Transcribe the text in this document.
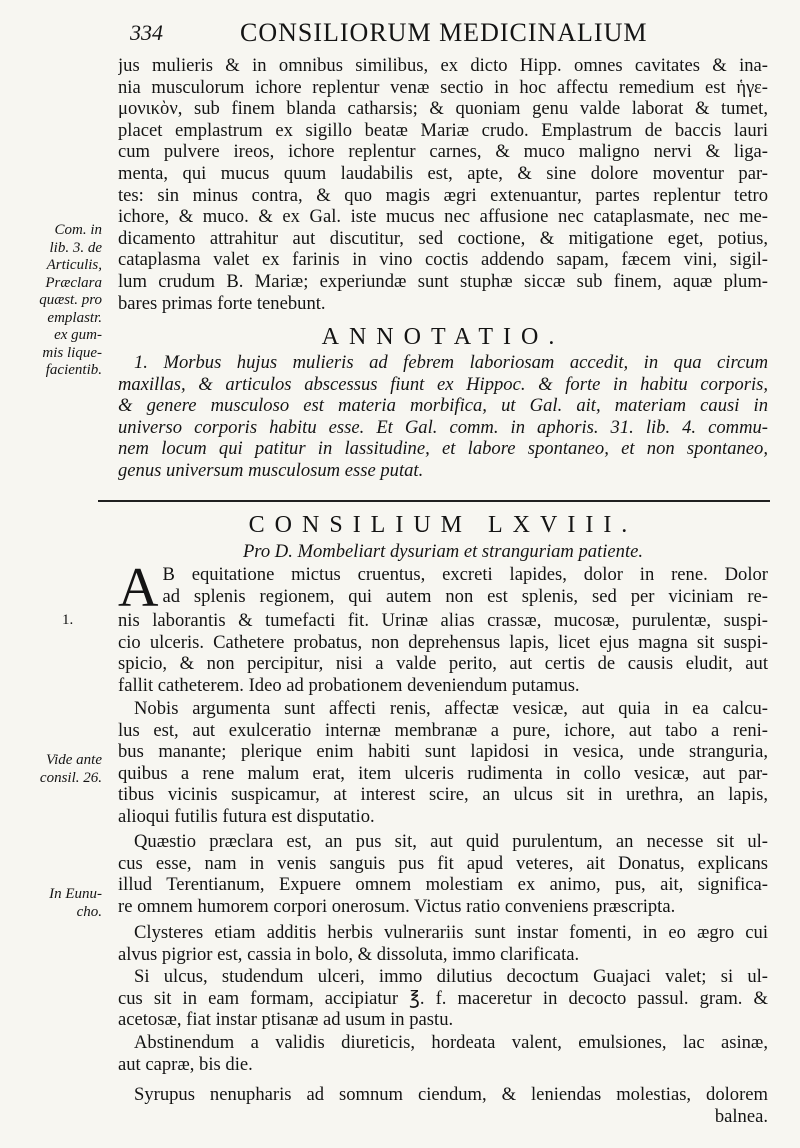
334	CONSILIORUM MEDICINALIUM
jus mulieris & in omnibus similibus, ex dicto Hipp. omnes cavitates & ina-
nia musculorum ichore replentur venæ sectio in hoc affectu remedium est ἡγε-
μονικὸν, sub finem blanda catharsis; & quoniam genu valde laborat & tumet,
placet emplastrum ex sigillo beatæ Mariæ crudo. Emplastrum de baccis lauri
cum pulvere ireos, ichore replentur carnes, & muco maligno nervi & liga-
menta, qui mucus quum laudabilis est, apte, & sine dolore moventur par-
tes: sin minus contra, & quo magis ægri extenuantur, partes replentur tetro
ichore, & muco. & ex Gal. iste mucus nec affusione nec cataplasmate, nec me-
dicamento attrahitur aut discutitur, sed coctione, & mitigatione eget, potius,
cataplasma valet ex farinis in vino coctis addendo sapam, fæcem vini, sigil-
lum crudum B. Mariæ; experiundæ sunt stuphæ siccæ sub finem, aquæ plum-
bares primas forte tenebunt.
Com. in
lib. 3. de
Articulis,
Præclara
quæst. pro
emplastr.
ex gum-
mis lique-
facientib.
ANNOTATIO.
1. Morbus hujus mulieris ad febrem laboriosam accedit, in qua circum
maxillas, & articulos abscessus fiunt ex Hippoc. & forte in habitu corporis,
& genere musculoso est materia morbifica, ut Gal. ait, materiam causi in
universo corporis habitu esse. Et Gal. comm. in aphoris. 31. lib. 4. commu-
nem locum qui patitur in lassitudine, et labore spontaneo, et non spontaneo,
genus universum musculosum esse putat.
CONSILIUM LXVIII.
Pro D. Mombeliart dysuriam et stranguriam patiente.
A B equitatione mictus cruentus, excreti lapides, dolor in rene. Dolor
ad splenis regionem, qui autem non est splenis, sed per viciniam re-
nis laborantis & tumefacti fit. Urinæ alias crassæ, mucosæ, purulentæ, suspi-
cio ulceris. Cathetere probatus, non deprehensus lapis, licet ejus magna sit suspi-
spicio, & non percipitur, nisi a valde perito, aut certis de causis eludit, aut
fallit catheterem. Ideo ad probationem deveniendum putamus.
1.
Nobis argumenta sunt affecti renis, affectæ vesicæ, aut quia in ea calcu-
lus est, aut exulceratio internæ membranæ a pure, ichore, aut tabo a reni-
bus manante; plerique enim habiti sunt lapidosi in vesica, unde stranguria,
quibus a rene malum erat, item ulceris rudimenta in collo vesicæ, aut par-
tibus vicinis suspicamur, at interest scire, an ulcus sit in urethra, an lapis,
alioqui futilis futura est disputatio.
Vide ante
consil. 26.
Quæstio præclara est, an pus sit, aut quid purulentum, an necesse sit ul-
cus esse, nam in venis sanguis pus fit apud veteres, ait Donatus, explicans
illud Terentianum, Expuere omnem molestiam ex animo, pus, ait, significa-
re omnem humorem corpori onerosum. Victus ratio conveniens præscripta.
In Eunu-
cho.
Clysteres etiam additis herbis vulnerariis sunt instar fomenti, in eo ægro cui
alvus pigrior est, cassia in bolo, & dissoluta, immo clarificata.
Si ulcus, studendum ulceri, immo dilutius decoctum Guajaci valet; si ul-
cus sit in eam formam, accipiatur ℥. f. maceretur in decocto passul. gram. &
acetosæ, fiat instar ptisanæ ad usum in pastu.
Abstinendum a validis diureticis, hordeata valent, emulsiones, lac asinæ,
aut capræ, bis die.
Syrupus nenupharis ad somnum ciendum, & leniendas molestias, dolorem
balnea.
